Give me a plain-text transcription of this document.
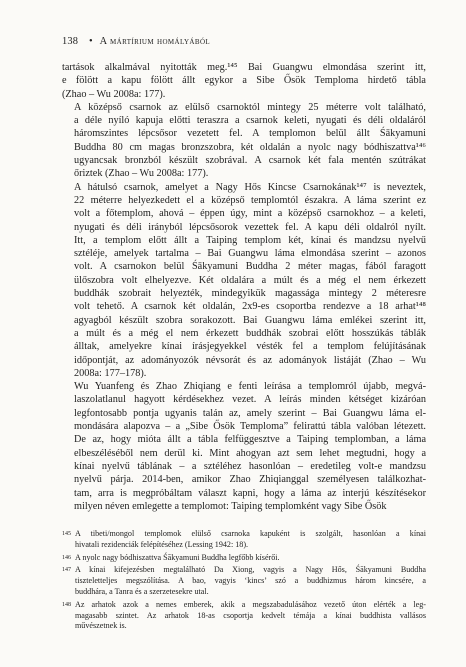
138 • A mártírium homályából

tartások alkalmával nyitották meg.¹⁴⁵ Bai Guangwu elmondása szerint itt,
e fölött a kapu fölött állt egykor a Sibe Ősök Temploma hirdető tábla
(Zhao – Wu 2008a: 177).

A középső csarnok az elülső csarnoktól mintegy 25 méterre volt található,
a déle nyíló kapuja előtti teraszra a csarnok keleti, nyugati és déli oldaláról
háromszintes lépcsősor vezetett fel. A templomon belül állt Śākyamuni
Buddha 80 cm magas bronzszobra, két oldalán a nyolc nagy bódhiszattva¹⁴⁶
ugyancsak bronzból készült szobrával. A csarnok két fala mentén szútrákat
őriztek (Zhao – Wu 2008a: 177).

A hátulsó csarnok, amelyet a Nagy Hős Kincse Csarnokának¹⁴⁷ is neveztek,
22 méterre helyezkedett el a középső templomtól északra. A láma szerint ez
volt a főtemplom, ahová – éppen úgy, mint a középső csarnokhoz – a keleti,
nyugati és déli irányból lépcsősorok vezettek fel. A kapu déli oldalról nyílt.
Itt, a templom előtt állt a Taiping templom két, kínai és mandzsu nyelvű
sztéléje, amelyek tartalma – Bai Guangwu láma elmondása szerint – azonos
volt. A csarnokon belül Śākyamuni Buddha 2 méter magas, fából faragott
ülőszobra volt elhelyezve. Két oldalára a múlt és a még el nem érkezett
buddhák szobrait helyezték, mindegyikük magassága mintegy 2 méteresre
volt tehető. A csarnok két oldalán, 2x9-es csoportba rendezve a 18 arhat¹⁴⁸
agyagból készült szobra sorakozott. Bai Guangwu láma emlékei szerint itt,
a múlt és a még el nem érkezett buddhák szobrai előtt hosszúkás táblák
álltak, amelyekre kínai írásjegyekkel vésték fel a templom felújításának
időpontját, az adományozók névsorát és az adományok listáját (Zhao – Wu
2008a: 177–178).

Wu Yuanfeng és Zhao Zhiqiang e fenti leírása a templomról újabb, megvá-
laszolatlanul hagyott kérdésekhez vezet. A leírás minden kétséget kizáróan
legfontosabb pontja ugyanis talán az, amely szerint – Bai Guangwu láma el-
mondására alapozva – a „Sibe Ősök Temploma” felirattú tábla valóban létezett.
De az, hogy mióta állt a tábla felfüggesztve a Taiping templomban, a láma
elbeszéléséből nem derül ki. Mint ahogyan azt sem lehet megtudni, hogy a
kínai nyelvű táblának – a sztéléhez hasonlóan – eredetileg volt-e mandzsu
nyelvű párja. 2014-ben, amikor Zhao Zhiqianggal személyesen találkozhat-
tam, arra is megpróbáltam választ kapni, hogy a láma az interjú készítésekor
milyen néven emlegette a templomot: Taiping templomként vagy Sibe Ősök

145 A tibeti/mongol templomok elülső csarnoka kapuként is szolgált, hasonlóan a kínai
hivatali rezidenciák felépítéséhez (Lessing 1942: 18).
146 A nyolc nagy bódhiszattva Śākyamuni Buddha legfőbb kísérői.
147 A kínai kifejezésben megtalálható Da Xiong, vagyis a Nagy Hős, Śākyamuni Buddha
tiszteletteljes megszólítása. A bao, vagyis ‘kincs’ szó a buddhizmus három kincsére, a
buddhára, a Tanra és a szerzetesekre utal.
148 Az arhatok azok a nemes emberek, akik a megszabadulásához vezető úton elérték a leg-
magasabb szintet. Az arhatok 18-as csoportja kedvelt témája a kínai buddhista vallásos
művészetnek is.
